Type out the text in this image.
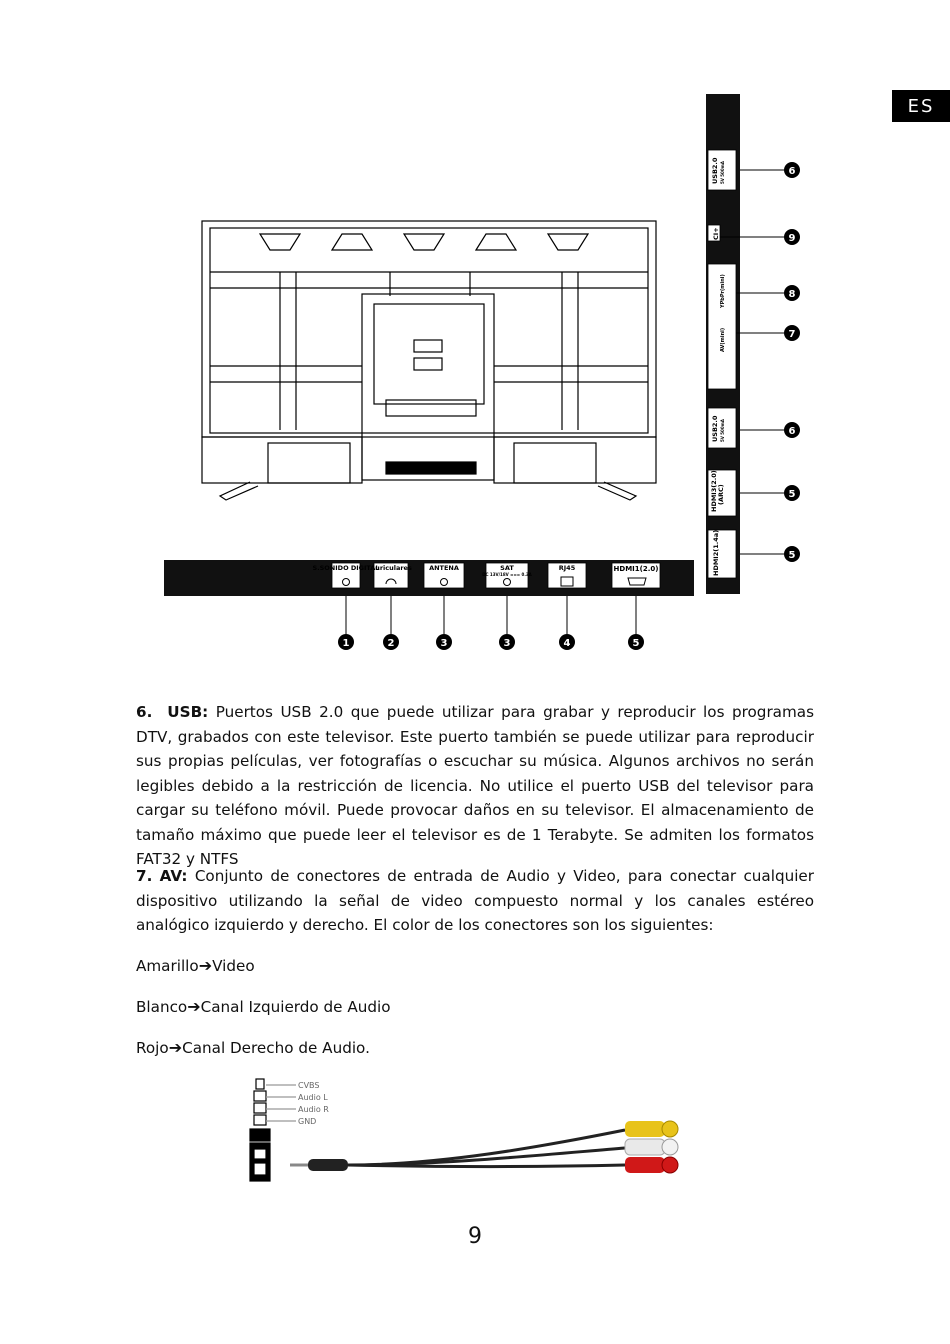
ES
S.SONIDO DIGITAL
Auriculares	ANTENA	SAT
DC 13V/18V === 0.3A
RJ45	HDMI1(2.0)
1	2	3	3	4	5
USB2.0 5V 500mA
CI+
YPbPr(mini)
AV(mini)
USB2.0 5V 500mA
HDMI3(2.0) (ARC)
HDMI2(1.4a)
6
9
8
7
6
5
5
6. USB: Puertos USB 2.0 que puede utilizar para grabar y reproducir los programas DTV, grabados con este televisor. Este puerto también se puede utilizar para reproducir sus propias películas, ver fotografías o escuchar su música. Algunos archivos no serán legibles debido a la restricción de licencia. No utilice el puerto USB del televisor para cargar su teléfono móvil. Puede provocar daños en su televisor. El almacenamiento de tamaño máximo que puede leer el televisor es de 1 Terabyte. Se admiten los formatos FAT32 y NTFS
7. AV: Conjunto de conectores de entrada de Audio y Video, para conectar cualquier dispositivo utilizando la señal de video compuesto normal y los canales estéreo analógico izquierdo y derecho. El color de los conectores son los siguientes:
Amarillo➔Video
Blanco➔Canal Izquierdo de Audio
Rojo➔Canal Derecho de Audio.
CVBS
Audio L
Audio R
GND
9
